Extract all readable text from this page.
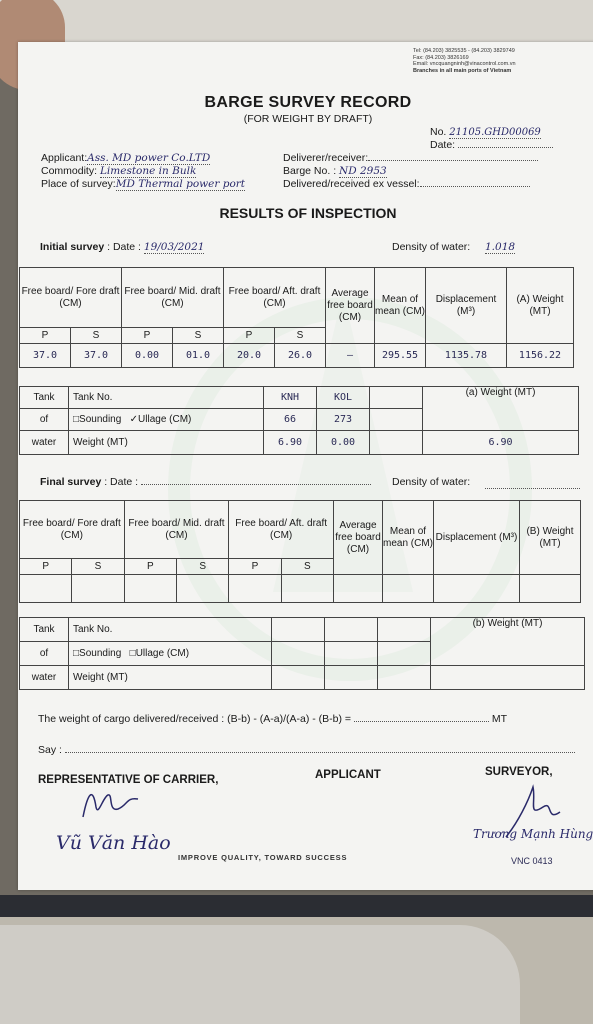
Tel: (84.203) 3825535 - (84.203) 3829749
Fax: (84.203) 3826169
Email: vncquangninh@vinacontrol.com.vn
Branches in all main ports of Vietnam
BARGE SURVEY RECORD
(FOR WEIGHT BY DRAFT)
No. 21105.GHD00069
Date:
Applicant:Ass. MD power Co.LTD
Commodity: Limestone in Bulk
Place of survey:MD Thermal power port
Deliverer/receiver:
Barge No. : ND 2953
Delivered/received ex vessel:
RESULTS OF INSPECTION
Initial survey : Date : 19/03/2021	Density of water: 1.018
Free board/ Fore draft (CM)		Free board/ Mid. draft (CM)		Free board/ Aft. draft (CM)		Average free board (CM)	Mean of mean (CM)	Displacement (M³)	(A) Weight (MT)
P	S	P	S	P	S				
37.0	37.0	0.00	01.0	20.0	26.0	—	295.55	1135.78	1156.22
Tank	Tank No.	KNH	KOL		(a) Weight (MT)
of	□Sounding   ✓Ullage (CM)	66	273		
water	Weight (MT)	6.90	0.00		6.90
Final survey : Date :	Density of water:

Free board/ Fore draft (CM)		Free board/ Mid. draft (CM)		Free board/ Aft. draft (CM)		Average free board (CM)	Mean of mean (CM)	Displacement (M³)	(B) Weight (MT)
P	S	P	S	P	S				

Tank	Tank No.				(b) Weight (MT)
of	□Sounding   □Ullage (CM)				
water	Weight (MT)				
The weight of cargo delivered/received : (B-b) - (A-a)/(A-a) - (B-b) =	MT
Say :
REPRESENTATIVE OF CARRIER,	APPLICANT	SURVEYOR,
Vũ Văn Hào	Trương Mạnh Hùng
VNC 0413
IMPROVE QUALITY, TOWARD SUCCESS
